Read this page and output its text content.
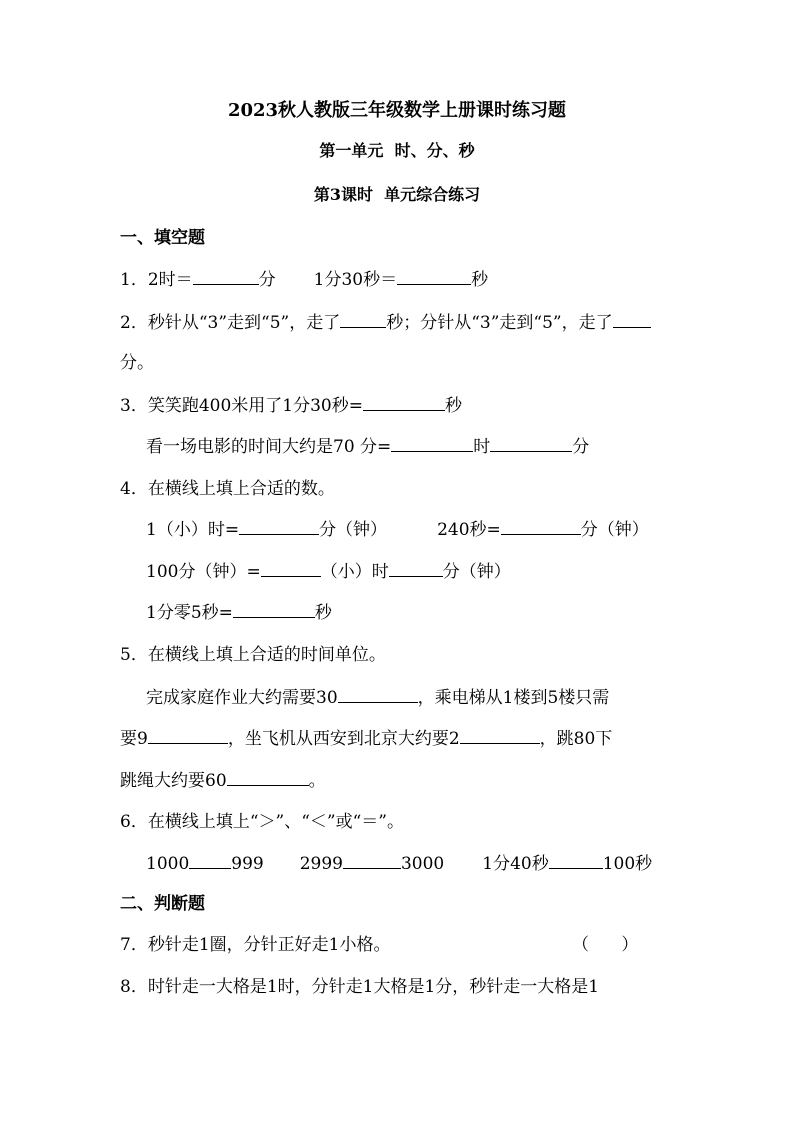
2023秋人教版三年级数学上册课时练习题
第一单元  时、分、秒
第3课时  单元综合练习
一、填空题
1．2时＝	分 1分30秒＝	秒
2．秒针从“3”走到“5”，走了	秒；分针从“3”走到“5”，走了
分。
3．笑笑跑400米用了1分30秒=	秒
看一场电影的时间大约是70 分=	时	分
4．在横线上填上合适的数。
1（小）时=	分（钟）	240秒=	分（钟）
100分（钟）=	（小）时	分（钟）
1分零5秒=	秒
5．在横线上填上合适的时间单位。
完成家庭作业大约需要30	，乘电梯从1楼到5楼只需
要9	，坐飞机从西安到北京大约要2	，跳80下
跳绳大约要60	。
6．在横线上填上“＞”、“＜”或“＝”。
1000 999 2999	3000 1分40秒	100秒
二、判断题
7．秒针走1圈，分针正好走1小格。	（      ）
8．时针走一大格是1时，分针走1大格是1分，秒针走一大格是1
